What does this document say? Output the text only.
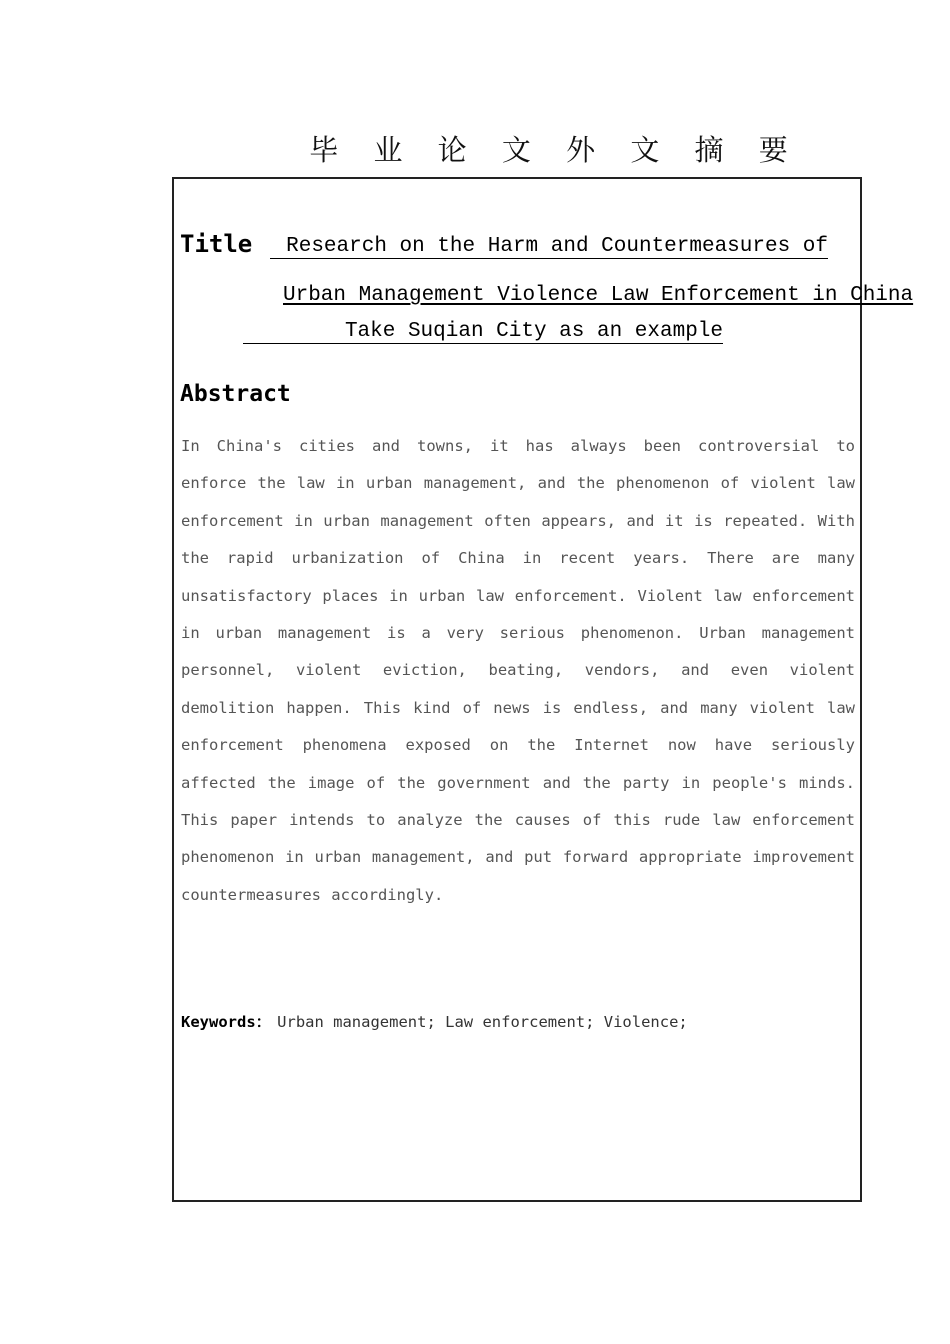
毕 业 论 文 外 文 摘 要
Title	Research on the Harm and Countermeasures of
Urban Management Violence Law Enforcement in China
Take Suqian City as an example
Abstract
In China's cities and towns, it has always been controversial to enforce the law in urban management, and the phenomenon of violent law enforcement in urban management often appears, and it is repeated. With the rapid urbanization of China in recent years. There are many unsatisfactory places in urban law enforcement. Violent law enforcement in urban management is a very serious phenomenon. Urban management personnel, violent eviction, beating, vendors, and even violent demolition happen. This kind of news is endless, and many violent law enforcement phenomena exposed on the Internet now have seriously affected the image of the government and the party in people's minds. This paper intends to analyze the causes of this rude law enforcement phenomenon in urban management, and put forward appropriate improvement countermeasures accordingly.
Keywords： Urban management; Law enforcement; Violence;
